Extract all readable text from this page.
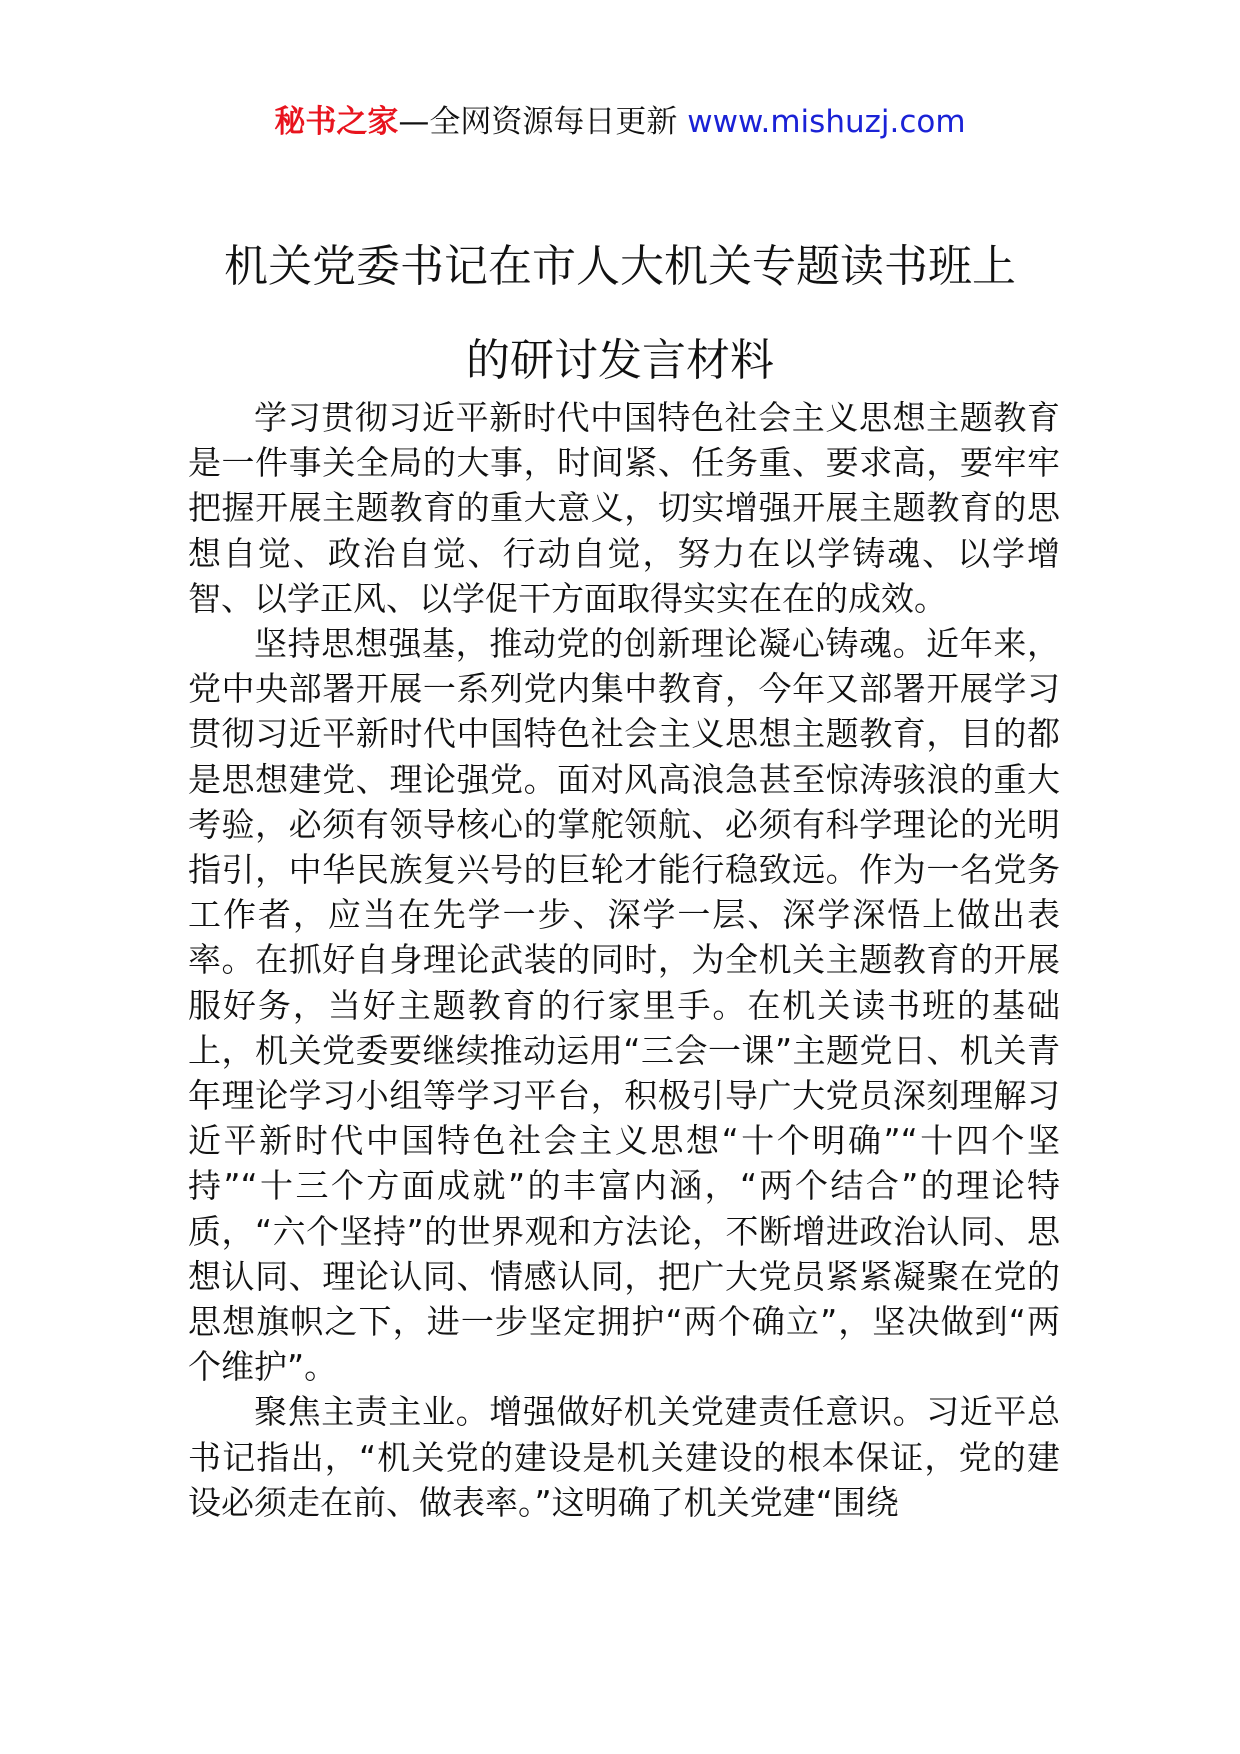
秘书之家—全网资源每日更新 www.mishuzj.com
机关党委书记在市人大机关专题读书班上
的研讨发言材料

学习贯彻习近平新时代中国特色社会主义思想主题教育是一件事关全局的大事，时间紧、任务重、要求高，要牢牢把握开展主题教育的重大意义，切实增强开展主题教育的思想自觉、政治自觉、行动自觉，努力在以学铸魂、以学增智、以学正风、以学促干方面取得实实在在的成效。

坚持思想强基，推动党的创新理论凝心铸魂。近年来，党中央部署开展一系列党内集中教育，今年又部署开展学习贯彻习近平新时代中国特色社会主义思想主题教育，目的都是思想建党、理论强党。面对风高浪急甚至惊涛骇浪的重大考验，必须有领导核心的掌舵领航、必须有科学理论的光明指引，中华民族复兴号的巨轮才能行稳致远。作为一名党务工作者，应当在先学一步、深学一层、深学深悟上做出表率。在抓好自身理论武装的同时，为全机关主题教育的开展服好务，当好主题教育的行家里手。在机关读书班的基础上，机关党委要继续推动运用“三会一课”主题党日、机关青年理论学习小组等学习平台，积极引导广大党员深刻理解习近平新时代中国特色社会主义思想“十个明确”“十四个坚持”“十三个方面成就”的丰富内涵，“两个结合”的理论特质，“六个坚持”的世界观和方法论，不断增进政治认同、思想认同、理论认同、情感认同，把广大党员紧紧凝聚在党的思想旗帜之下，进一步坚定拥护“两个确立”，坚决做到“两个维护”。

聚焦主责主业。增强做好机关党建责任意识。习近平总书记指出，“机关党的建设是机关建设的根本保证，党的建设必须走在前、做表率。”这明确了机关党建“围绕
